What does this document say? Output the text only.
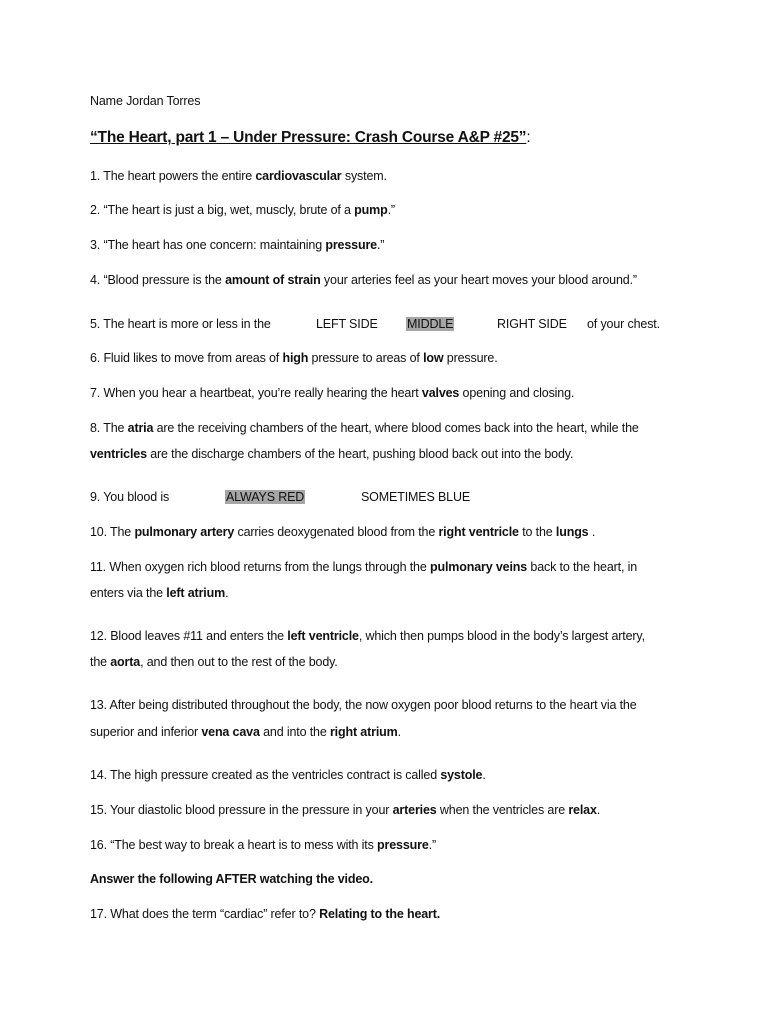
Name Jordan Torres
“The Heart, part 1 – Under Pressure: Crash Course A&P #25”:
1. The heart powers the entire cardiovascular system.
2. “The heart is just a big, wet, muscly, brute of a pump.”
3. “The heart has one concern: maintaining pressure.”
4. “Blood pressure is the amount of strain your arteries feel as your heart moves your blood around.”
5. The heart is more or less in the	LEFT SIDE MIDDLE	RIGHT SIDE of your chest.
6. Fluid likes to move from areas of high pressure to areas of low pressure.
7. When you hear a heartbeat, you’re really hearing the heart valves opening and closing.
8. The atria are the receiving chambers of the heart, where blood comes back into the heart, while the
ventricles are the discharge chambers of the heart, pushing blood back out into the body.
9. You blood is	ALWAYS RED	SOMETIMES BLUE
10. The pulmonary artery carries deoxygenated blood from the right ventricle to the lungs .
11. When oxygen rich blood returns from the lungs through the pulmonary veins back to the heart, in
enters via the left atrium.
12. Blood leaves #11 and enters the left ventricle, which then pumps blood in the body’s largest artery,
the aorta, and then out to the rest of the body.
13. After being distributed throughout the body, the now oxygen poor blood returns to the heart via the
superior and inferior vena cava and into the right atrium.
14. The high pressure created as the ventricles contract is called systole.
15. Your diastolic blood pressure in the pressure in your arteries when the ventricles are relax.
16. “The best way to break a heart is to mess with its pressure.”
Answer the following AFTER watching the video.
17. What does the term “cardiac” refer to? Relating to the heart.
